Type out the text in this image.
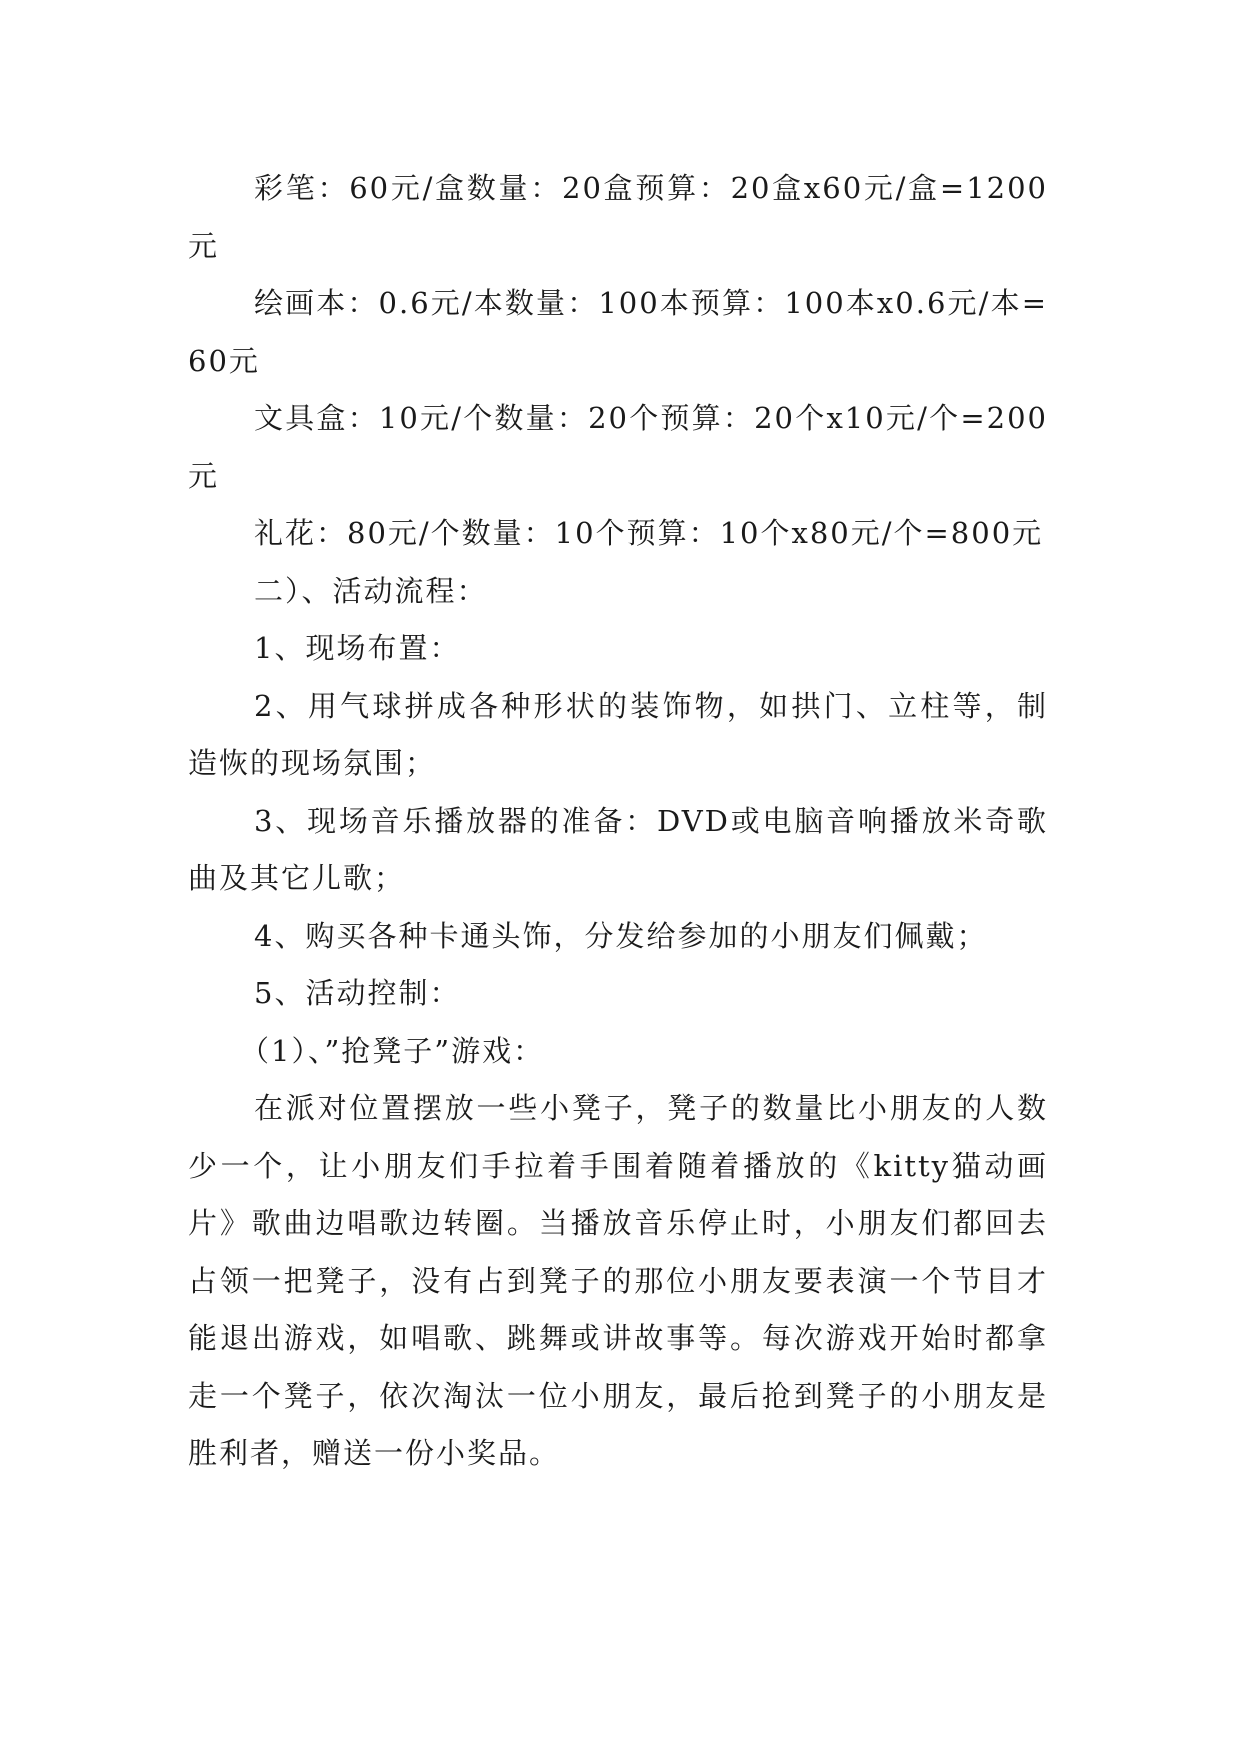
彩笔：60元/盒数量：20盒预算：20盒x60元/盒=1200元

绘画本：0.6元/本数量：100本预算：100本x0.6元/本=60元

文具盒：10元/个数量：20个预算：20个x10元/个=200元

礼花：80元/个数量：10个预算：10个x80元/个=800元

二）、活动流程：

1、现场布置：

2、用气球拼成各种形状的装饰物，如拱门、立柱等，制造恢的现场氛围；

3、现场音乐播放器的准备：DVD或电脑音响播放米奇歌曲及其它儿歌；

4、购买各种卡通头饰，分发给参加的小朋友们佩戴；

5、活动控制：

（1）、”抢凳子”游戏：

在派对位置摆放一些小凳子，凳子的数量比小朋友的人数少一个，让小朋友们手拉着手围着随着播放的《kitty猫动画片》歌曲边唱歌边转圈。当播放音乐停止时，小朋友们都回去占领一把凳子，没有占到凳子的那位小朋友要表演一个节目才能退出游戏，如唱歌、跳舞或讲故事等。每次游戏开始时都拿走一个凳子，依次淘汰一位小朋友，最后抢到凳子的小朋友是胜利者，赠送一份小奖品。
